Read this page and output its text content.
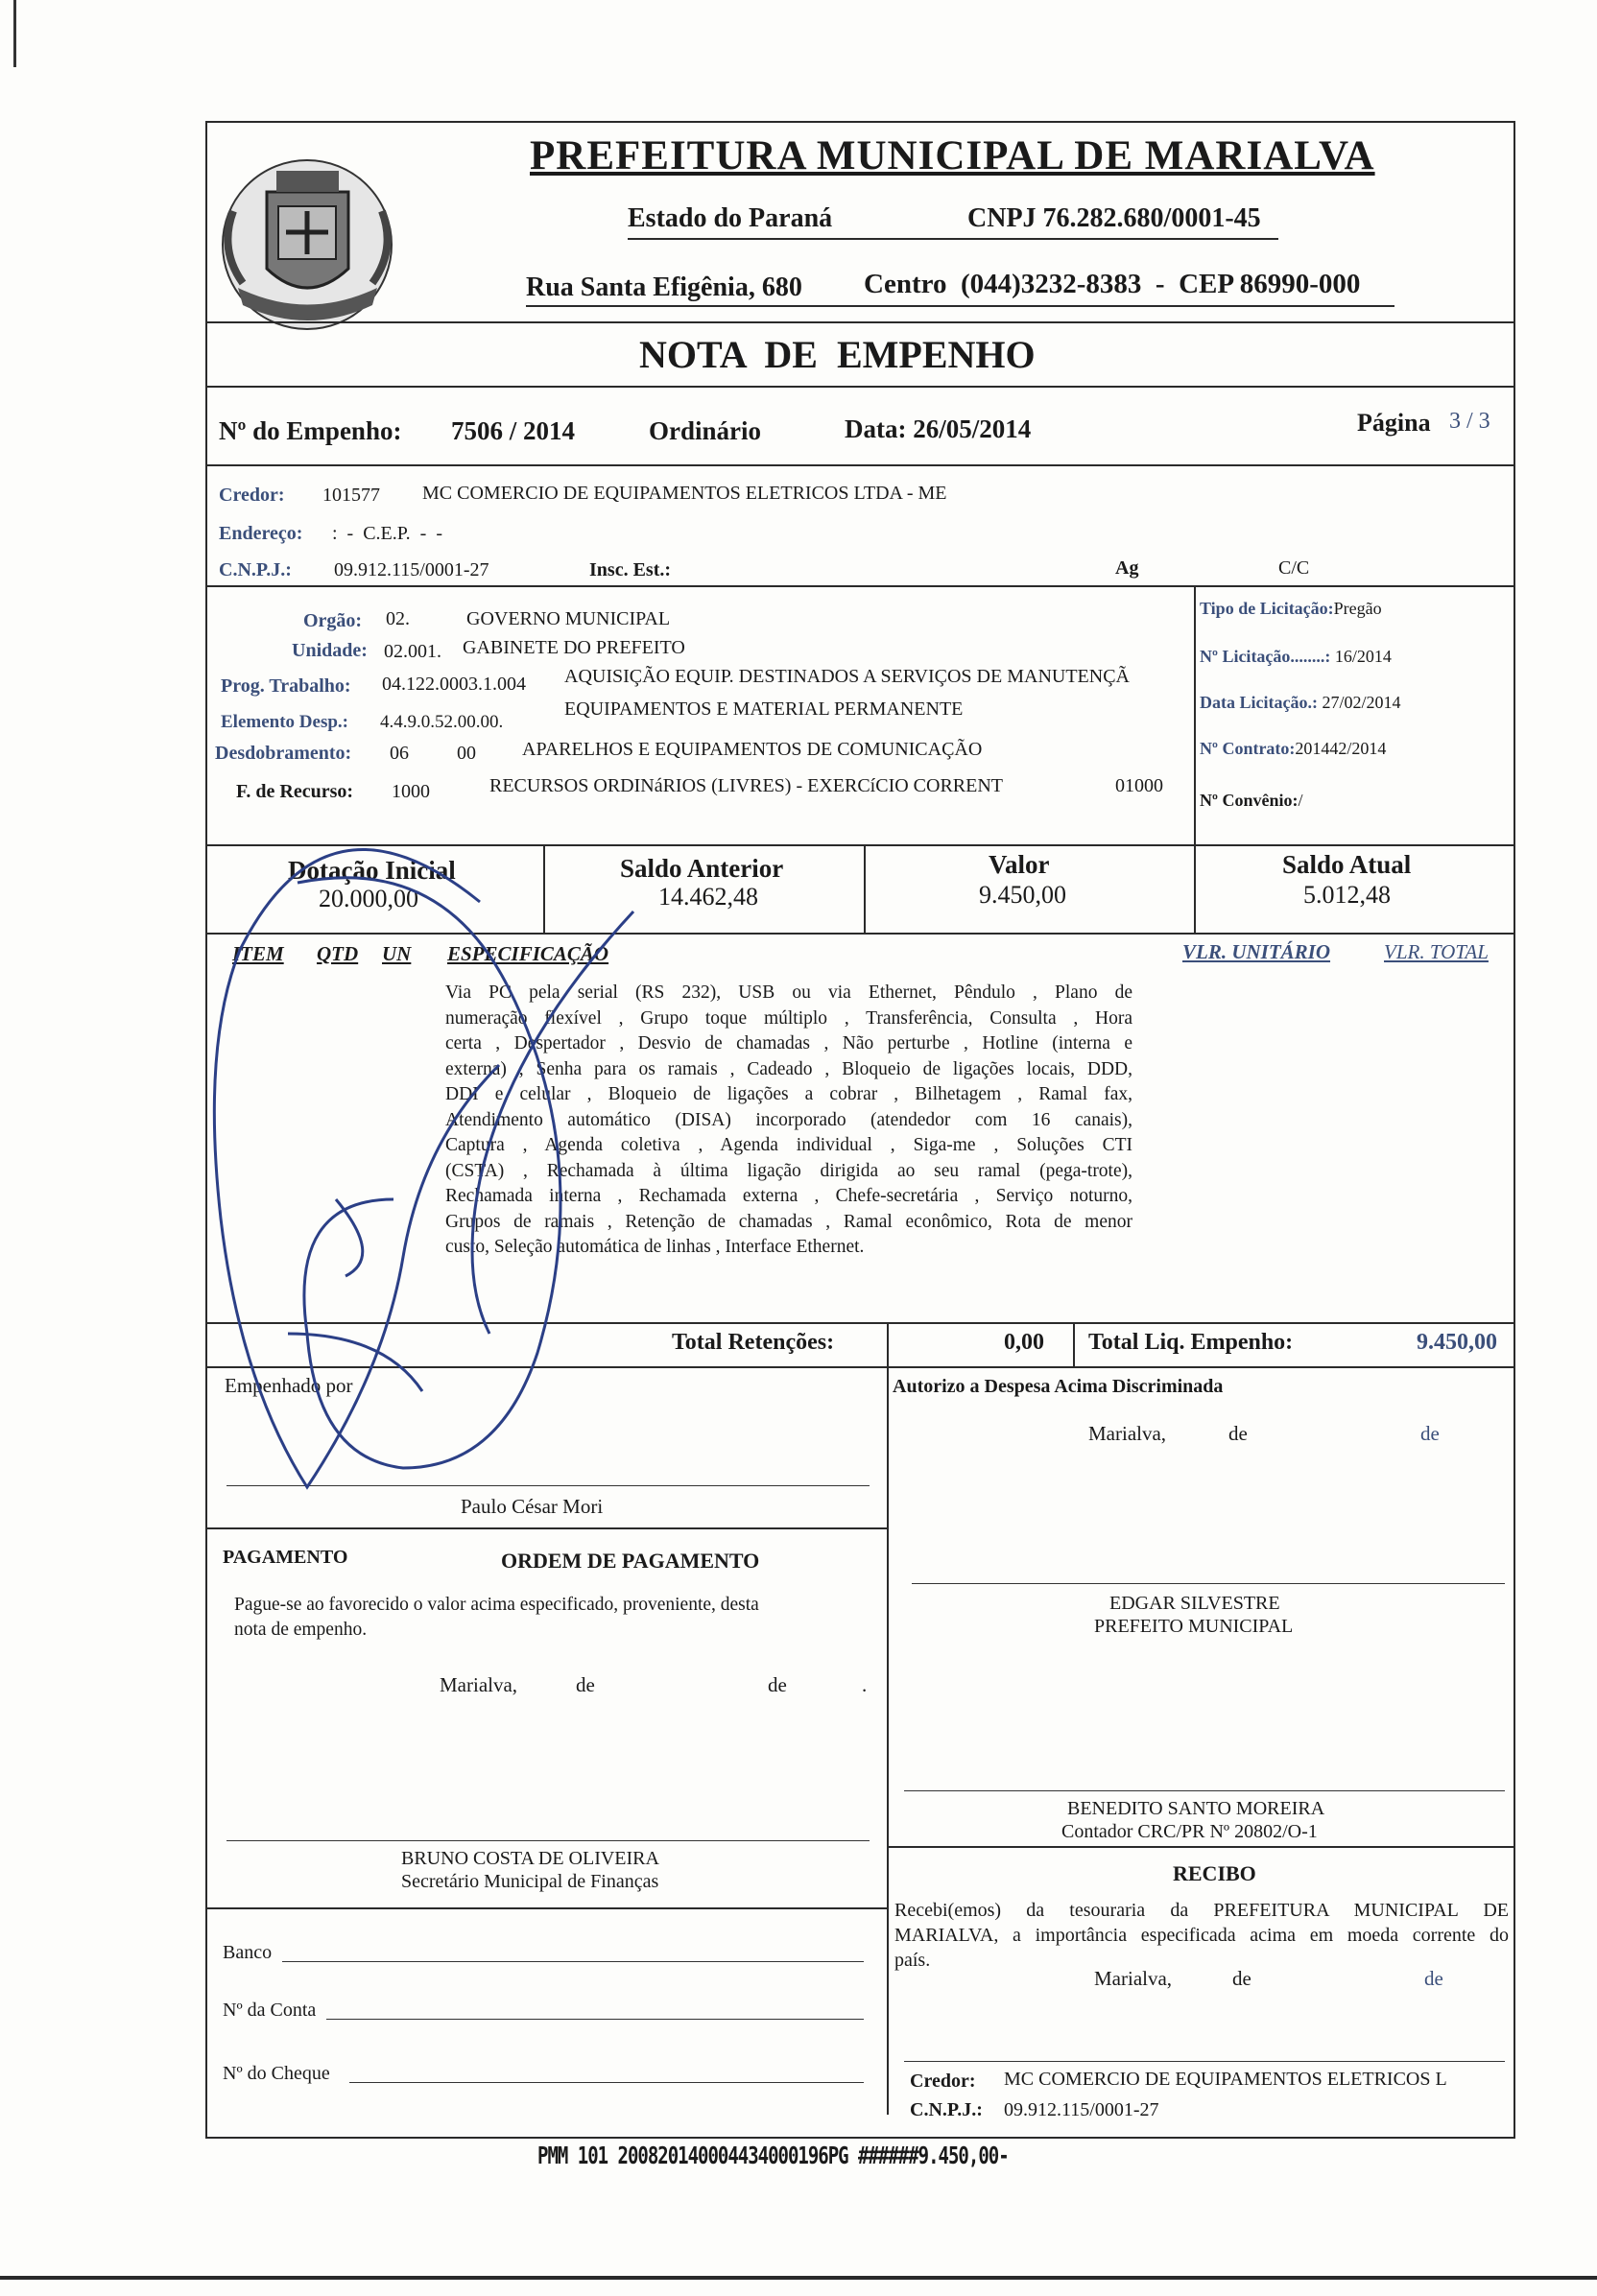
PREFEITURA MUNICIPAL DE MARIALVA
Estado do Paraná	CNPJ 76.282.680/0001-45
Rua Santa Efigênia, 680 Centro  (044)3232-8383  -  CEP 86990-000
NOTA  DE  EMPENHO
Nº do Empenho: 7506 / 2014	Ordinário	Data: 26/05/2014	Página 3 / 3
Credor: 101577 MC COMERCIO DE EQUIPAMENTOS ELETRICOS LTDA - ME
Endereço: :  -  C.E.P.  -  -
C.N.P.J.: 09.912.115/0001-27	Insc. Est.:	Ag	C/C
Orgão: 02.	GOVERNO MUNICIPAL
Unidade: 02.001. GABINETE DO PREFEITO
Prog. Trabalho: 04.122.0003.1.004 AQUISIÇÃO EQUIP. DESTINADOS A SERVIÇOS DE MANUTENÇÃ
Elemento Desp.: 4.4.9.0.52.00.00.
EQUIPAMENTOS E MATERIAL PERMANENTE
Desdobramento: 06	00 APARELHOS E EQUIPAMENTOS DE COMUNICAÇÃO
F. de Recurso: 1000	RECURSOS ORDINáRIOS (LIVRES) - EXERCíCIO CORRENT	01000
Tipo de Licitação:Pregão
Nº Licitação........: 16/2014
Data Licitação.: 27/02/2014
Nº Contrato:201442/2014
Nº Convênio:/
Dotação Inicial
20.000,00
Saldo Anterior
14.462,48
Valor
9.450,00
Saldo Atual
5.012,48
ITEM QTD UN ESPECIFICAÇÃO	VLR. UNITÁRIO	VLR. TOTAL
Via PC pela serial (RS 232), USB ou via Ethernet, Pêndulo , Plano de
numeração flexível , Grupo toque múltiplo , Transferência, Consulta , Hora
certa , Despertador , Desvio de chamadas , Não perturbe , Hotline (interna e
externa) , Senha para os ramais , Cadeado , Bloqueio de ligações locais, DDD,
DDI e celular , Bloqueio de ligações a cobrar , Bilhetagem , Ramal fax,
Atendimento automático (DISA) incorporado (atendedor com 16 canais),
Captura , Agenda coletiva , Agenda individual , Siga-me , Soluções CTI
(CSTA) , Rechamada à última ligação dirigida ao seu ramal (pega-trote),
Rechamada interna , Rechamada externa , Chefe-secretária , Serviço noturno,
Grupos de ramais , Retenção de chamadas , Ramal econômico, Rota de menor
custo, Seleção automática de linhas , Interface Ethernet.
Total Retenções:	0,00 Total Liq. Empenho:	9.450,00
Empenhado por
Paulo César Mori
Autorizo a Despesa Acima Discriminada
Marialva,	de	de
PAGAMENTO	ORDEM DE PAGAMENTO
Pague-se ao favorecido o valor acima especificado, proveniente, desta
nota de empenho.
Marialva,	de	de	.
BRUNO COSTA DE OLIVEIRA
Secretário Municipal de Finanças
EDGAR SILVESTRE
PREFEITO MUNICIPAL
BENEDITO SANTO MOREIRA
Contador CRC/PR Nº 20802/O-1
RECIBO
Recebi(emos) da tesouraria da PREFEITURA MUNICIPAL DE
MARIALVA, a importância especificada acima em moeda corrente do
país.
Marialva,	de	de
Credor: MC COMERCIO DE EQUIPAMENTOS ELETRICOS L
C.N.P.J.: 09.912.115/0001-27
Banco
Nº da Conta
Nº do Cheque
PMM 101 200820140004434000196PG ######9.450,00-
